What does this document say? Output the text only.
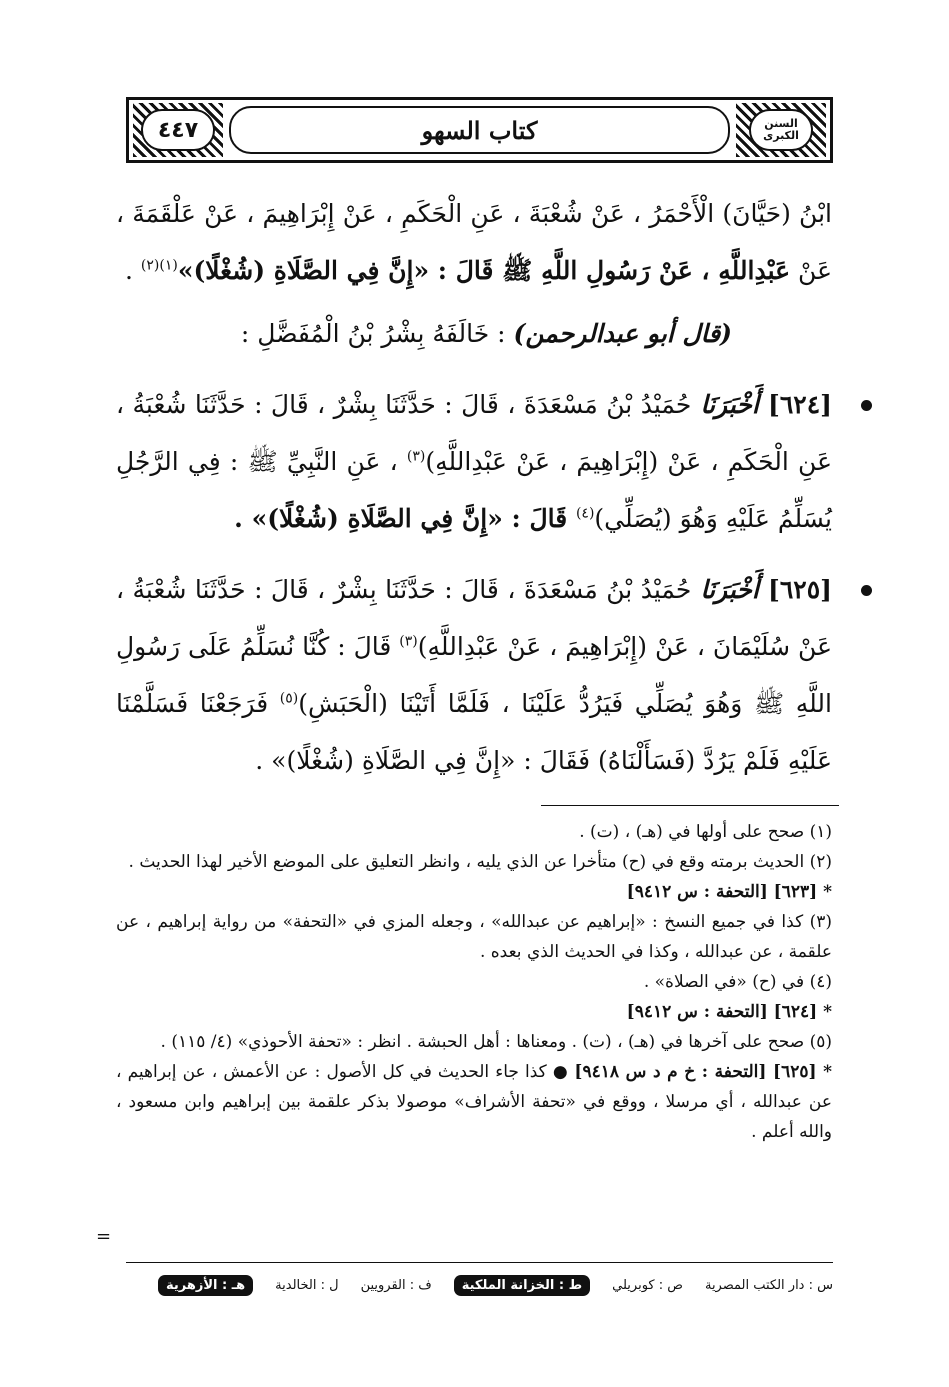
٤٤٧	كتاب السهو	السنن الكبرى

ابْنُ (حَيَّانَ) الْأَحْمَرُ ، عَنْ شُعْبَةَ ، عَنِ الْحَكَمِ ، عَنْ إِبْرَاهِيمَ ، عَنْ عَلْقَمَةَ ، عَنْ عَبْدِاللَّهِ ، عَنْ رَسُولِ اللَّهِ ﷺ قَالَ : «إِنَّ فِي الصَّلَاةِ (شُغْلًا)»$^{(١)(٢)}$ .

(قال أبو عبدالرحمن) : خَالَفَهُ بِشْرُ بْنُ الْمُفَضَّلِ :

[٦٢٤] أَخْبَرَنَا حُمَيْدُ بْنُ مَسْعَدَةَ ، قَالَ : حَدَّثَنَا بِشْرٌ ، قَالَ : حَدَّثَنَا شُعْبَةُ ، عَنِ الْحَكَمِ ، عَنْ (إِبْرَاهِيمَ ، عَنْ عَبْدِاللَّهِ)$^{(٣)}$ ، عَنِ النَّبِيِّ ﷺ : فِي الرَّجُلِ يُسَلِّمُ عَلَيْهِ وَهُوَ (يُصَلِّي)$^{(٤)}$ قَالَ : «إِنَّ فِي الصَّلَاةِ (شُغْلًا)» .

[٦٢٥] أَخْبَرَنَا حُمَيْدُ بْنُ مَسْعَدَةَ ، قَالَ : حَدَّثَنَا بِشْرٌ ، قَالَ : حَدَّثَنَا شُعْبَةُ ، عَنْ سُلَيْمَانَ ، عَنْ (إِبْرَاهِيمَ ، عَنْ عَبْدِاللَّهِ)$^{(٣)}$ قَالَ : كُنَّا نُسَلِّمُ عَلَى رَسُولِ اللَّهِ ﷺ وَهُوَ يُصَلِّي فَيَرُدُّ عَلَيْنَا ، فَلَمَّا أَتَيْنَا (الْحَبَشِ)$^{(٥)}$ فَرَجَعْنَا فَسَلَّمْنَا عَلَيْهِ فَلَمْ يَرُدَّ (فَسَأَلْنَاهُ) فَقَالَ : «إِنَّ فِي الصَّلَاةِ (شُغْلًا)» .

(١) صحح على أولها في (هـ) ، (ت) .

(٢) الحديث برمته وقع في (ح) متأخرا عن الذي يليه ، وانظر التعليق على الموضع الأخير لهذا الحديث .

* [٦٢٣] [التحفة : س ٩٤١٢]

(٣) كذا في جميع النسخ : «إبراهيم عن عبدالله» ، وجعله المزي في «التحفة» من رواية إبراهيم ، عن علقمة ، عن عبدالله ، وكذا في الحديث الذي بعده .

(٤) في (ح) «في الصلاة» .

* [٦٢٤] [التحفة : س ٩٤١٢]

(٥) صحح على آخرها في (هـ) ، (ت) . ومعناها : أهل الحبشة . انظر : «تحفة الأحوذي» (٤/ ١١٥) .

* [٦٢٥] [التحفة : خ م د س ٩٤١٨] ● كذا جاء الحديث في كل الأصول : عن الأعمش ، عن إبراهيم ، عن عبدالله ، أي مرسلا ، ووقع في «تحفة الأشراف» موصولا بذكر علقمة بين إبراهيم وابن مسعود ، والله أعلم .

=
س : دار الكتب المصرية
ص : كوبريلي
ط : الخزانة الملكية
ف : القرويين
ل : الخالدية
هـ : الأزهرية
